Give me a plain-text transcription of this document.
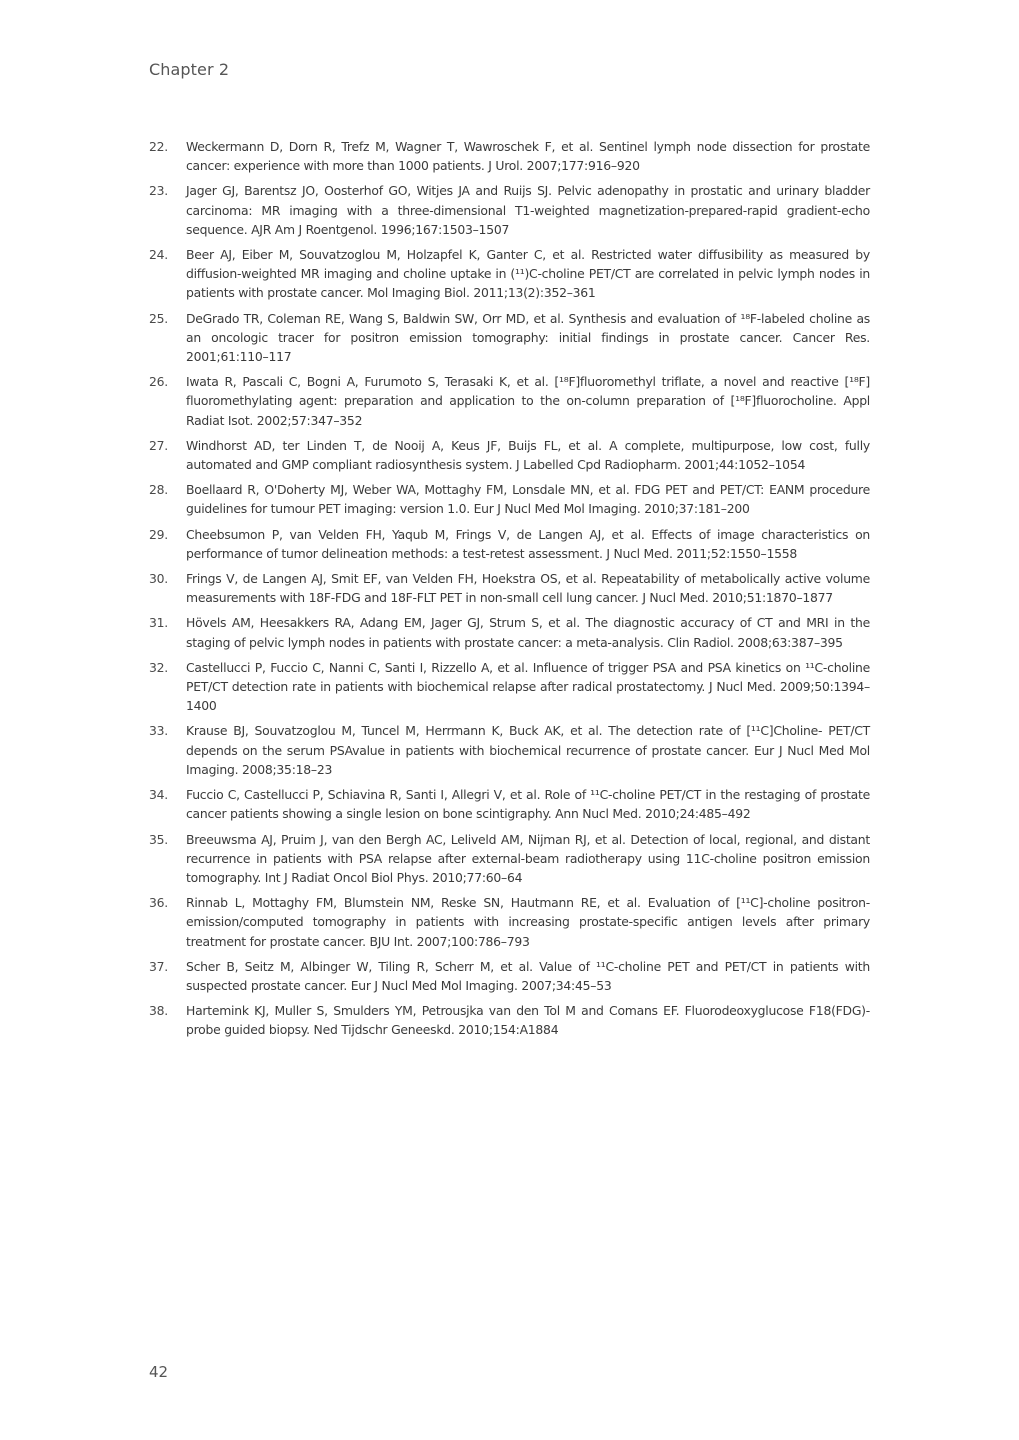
Chapter 2
22.	Weckermann D, Dorn R, Trefz M, Wagner T, Wawroschek F, et al. Sentinel lymph node dissection for prostate cancer: experience with more than 1000 patients. J Urol. 2007;177:916–920
23.	Jager GJ, Barentsz JO, Oosterhof GO, Witjes JA and Ruijs SJ. Pelvic adenopathy in prostatic and urinary bladder carcinoma: MR imaging with a three-dimensional T1-weighted magnetization-prepared-rapid gradient-echo sequence. AJR Am J Roentgenol. 1996;167:1503–1507
24.	Beer AJ, Eiber M, Souvatzoglou M, Holzapfel K, Ganter C, et al. Restricted water diffusibility as measured by diffusion-weighted MR imaging and choline uptake in (¹¹)C-choline PET/CT are correlated in pelvic lymph nodes in patients with prostate cancer. Mol Imaging Biol. 2011;13(2):352–361
25.	DeGrado TR, Coleman RE, Wang S, Baldwin SW, Orr MD, et al. Synthesis and evaluation of ¹⁸F-labeled choline as an oncologic tracer for positron emission tomography: initial findings in prostate cancer. Cancer Res. 2001;61:110–117
26.	Iwata R, Pascali C, Bogni A, Furumoto S, Terasaki K, et al. [¹⁸F]fluoromethyl triflate, a novel and reactive [¹⁸F] fluoromethylating agent: preparation and application to the on-column preparation of [¹⁸F]fluorocholine. Appl Radiat Isot. 2002;57:347–352
27.	Windhorst AD, ter Linden T, de Nooij A, Keus JF, Buijs FL, et al. A complete, multipurpose, low cost, fully automated and GMP compliant radiosynthesis system. J Labelled Cpd Radiopharm. 2001;44:1052–1054
28.	Boellaard R, O'Doherty MJ, Weber WA, Mottaghy FM, Lonsdale MN, et al. FDG PET and PET/CT: EANM procedure guidelines for tumour PET imaging: version 1.0. Eur J Nucl Med Mol Imaging. 2010;37:181–200
29.	Cheebsumon P, van Velden FH, Yaqub M, Frings V, de Langen AJ, et al. Effects of image characteristics on performance of tumor delineation methods: a test-retest assessment. J Nucl Med. 2011;52:1550–1558
30.	Frings V, de Langen AJ, Smit EF, van Velden FH, Hoekstra OS, et al. Repeatability of metabolically active volume measurements with 18F-FDG and 18F-FLT PET in non-small cell lung cancer. J Nucl Med. 2010;51:1870–1877
31.	Hövels AM, Heesakkers RA, Adang EM, Jager GJ, Strum S, et al. The diagnostic accuracy of CT and MRI in the staging of pelvic lymph nodes in patients with prostate cancer: a meta-analysis. Clin Radiol. 2008;63:387–395
32.	Castellucci P, Fuccio C, Nanni C, Santi I, Rizzello A, et al. Influence of trigger PSA and PSA kinetics on ¹¹C-choline PET/CT detection rate in patients with biochemical relapse after radical prostatectomy. J Nucl Med. 2009;50:1394–1400
33.	Krause BJ, Souvatzoglou M, Tuncel M, Herrmann K, Buck AK, et al. The detection rate of [¹¹C]Choline- PET/CT depends on the serum PSAvalue in patients with biochemical recurrence of prostate cancer. Eur J Nucl Med Mol Imaging. 2008;35:18–23
34.	Fuccio C, Castellucci P, Schiavina R, Santi I, Allegri V, et al. Role of ¹¹C-choline PET/CT in the restaging of prostate cancer patients showing a single lesion on bone scintigraphy. Ann Nucl Med. 2010;24:485–492
35.	Breeuwsma AJ, Pruim J, van den Bergh AC, Leliveld AM, Nijman RJ, et al. Detection of local, regional, and distant recurrence in patients with PSA relapse after external-beam radiotherapy using 11C-choline positron emission tomography. Int J Radiat Oncol Biol Phys. 2010;77:60–64
36.	Rinnab L, Mottaghy FM, Blumstein NM, Reske SN, Hautmann RE, et al. Evaluation of [¹¹C]-choline positron-emission/computed tomography in patients with increasing prostate-specific antigen levels after primary treatment for prostate cancer. BJU Int. 2007;100:786–793
37.	Scher B, Seitz M, Albinger W, Tiling R, Scherr M, et al. Value of ¹¹C-choline PET and PET/CT in patients with suspected prostate cancer. Eur J Nucl Med Mol Imaging. 2007;34:45–53
38.	Hartemink KJ, Muller S, Smulders YM, Petrousjka van den Tol M and Comans EF. Fluorodeoxyglucose F18(FDG)-probe guided biopsy. Ned Tijdschr Geneeskd. 2010;154:A1884
42
